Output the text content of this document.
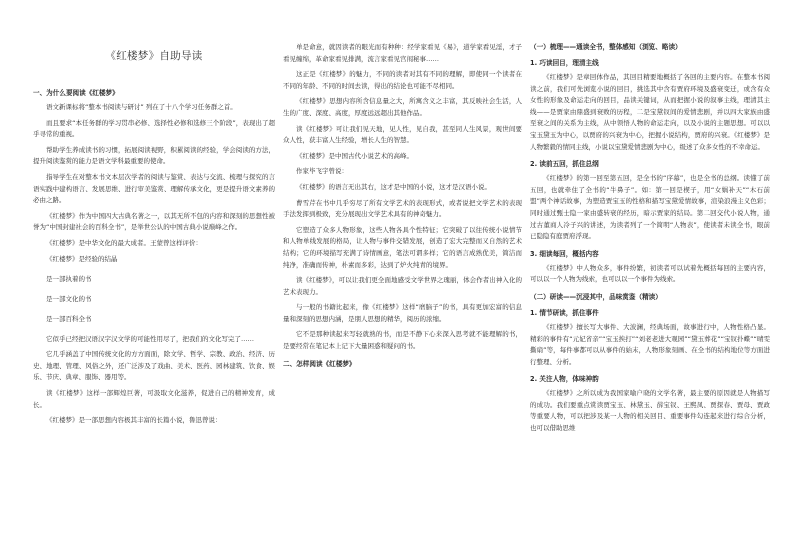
《红楼梦》自助导读
一、为什么要阅读《红楼梦》

语文新课标将“整本书阅读与研讨” 列在了十八个学习任务群之首。

而且要求“本任务群的学习贯串必修、选择性必修和选修三个阶段”，表现出了超乎寻常的重视。

帮助学生养成读书的习惯，拓展阅读视野，积累阅读的经验，学会阅读的方法，提升阅读鉴赏的能力是语文学科最重要的使命。

指导学生在对整本书文本层次学者的阅读与鉴赏、表达与交流、梳理与探究的言语实践中建构语言、发展思维、进行审美鉴赏、理解传承文化，更是提升语文素养的必由之路。

《红楼梦》作为中国四大古典名著之一，以其无所不包的内容和深刻的思想性被誉为“中国封建社会的百科全书”，是举世公认的中国古典小说巅峰之作。

《红楼梦》是中华文化的最大成者。王蒙曾这样评价：

《红楼梦》是经验的结晶
是一部执着的书
是一部文化的书
是一部百科全书

它似乎已经把汉语汉字汉文学的可能性用尽了，把我们的文化写完了……

它几乎涵盖了中国传统文化的方方面面，除文学、哲学、宗教、政治、经济、历史、地理、管理、风俗之外，还广泛涉及了戏曲、美术、医药、园林建筑、饮食、娱乐、节庆、典章、服饰、器用等。

读《红楼梦》这样一部辉煌巨著，可汲取文化滋养，促进自己的精神发育，成长。

《红楼梦》是一部思想内容极其丰富的长篇小说，鲁迅曾说：

单是命意，就因读者的眼光而有种种：经学家看见《易》，道学家看见淫，才子看见缠绵，革命家看见排满，流言家看见宫闱秘事……

这正是《红楼梦》的魅力，不同的读者对其有不同的理解，即使同一个读者在不同的年龄、不同的时间去读，得出的结论也可能不尽相同。

《红楼梦》思想内容所含信息量之大，所寓含义之丰富，其反映社会生活，人生的广度、深度、高度，厚度远远超出其他作品。

读《红楼梦》可让我们见天地，见人性，见自我，甚至同人生风景，观世间要众人性，获丰富人生经验，增长人生的智慧。

《红楼梦》是中国古代小说艺术的高峰。

作家毕飞宇曾说：

《红楼梦》的语言无出其右，这才是中国的小说，这才是汉语小说。

曹雪芹在书中几乎穷尽了所有文学艺术的表现形式，或者说把文学艺术的表现手法发挥到极致，充分展现出文学艺术具有的神奇魅力。

它塑造了众多人物形象，这些人物各具个性特征；它突破了以往传统小说情节和人物单线发展的格局，让人物与事件交错发展，创造了宏大完整而又自然的艺术结构；它的环境描写充满了诗情画意，笔法可谓多样；它的语言成熟优美，简洁而纯净，准确而传神，朴素而多彩，达到了炉火纯青的境界。

读《红楼梦》，可以让我们更全面地感受文学世界之瑰丽，体会作者出神入化的艺术表现力。

与一般的书籍比起来，像《红楼梦》这样“磨脑子”的书，具有更加宏富的信息量和深刻的思想内涵，是朋人思想的精华，阅历的浓缩。

它不是那种读起来写轻就熟的书，而是不静下心来深入思考就不能理解的书，是要经常在笔记本上记下大量困惑和疑问的书。

二、怎样阅读《红楼梦》
（一）梳理——通读全书，整体感知（浏览、略读）
1. 巧读回目，理清主线

《红楼梦》是章回体作品，其回目精要地概括了各回的主要内容。在整本书阅读之前，我们可先浏览小说的回目，挑选其中含有贾府环境及盛衰变迁，或含有众女性的形象及命运走向的回目，品读关键词，从而把握小说的叙事主线，理清其主线——是贾家由鼎盛到衰败的历程，二是宝黛钗间的爱情悲剧，并以四大家族由盛至衰之间的关系为主线，从中领悟人物的命运走向，以及小说的主题思想。可以以宝玉黛玉为中心，以贾府的兴衰为中心，把握小说结构，贾府的兴衰。《红楼梦》是人物繁毅的情同主线，小说以宝黛爱情悲剧为中心，级述了众多女性的不幸命运。

2. 读前五回，抓住总纲

《红楼梦》的第一回至第五回，是全书的“序幕”，也是全书的总纲。读懂了前五回，也就牵住了全书的“牛鼻子”。如：第一回是楔子，用“女娲补天”“木石前盟”两个神话故事，为塑造贾宝玉的性格和描写宝黛爱情故事，渲染浪漫主义色彩；同时通过甄士隐一家由盛转衰的经历，暗示贾家的结局。第二回交代小说人物，通过古董商人冷子兴的讲述，为读者列了一个简明“人物表”，使读者未读全书，眼前已隐隐有庭贾府浮现。

3. 细读每回，概括内容

《红楼梦》中人物众多，事件纷繁，初读者可以试着先概括每回的主要内容，可以以一个人物为线索，也可以以一个事件为线索。

（二）研读——沉浸其中，品味赏鉴（精读）
1. 情节研读，抓住事件

《红楼梦》擅长写大事件、大波澜，经典场面，故事进行中，人物性格凸显。精彩的事件有“元妃省亲”“宝玉挨打”“刘老老进大观园”“黛玉葬花”“宝钗扑蝶”“晴雯撕扇”等，每件事都可以从事件的始末，人物形象刻画、在全书的结构地位等方面进行整理、分析。

2. 关注人物，体味神韵

《红楼梦》之所以成为我国家喻户晓的文学名著，最主要的原因就是人物描写的成功。我们要重点赏读贾宝玉、林黛玉、薛宝钗、王熙凤、贾探春、贾母、贾政等重要人物，可以把涉及某一人物的相关回目、重要事件勾连起来进行综合分析，也可以借助思维
